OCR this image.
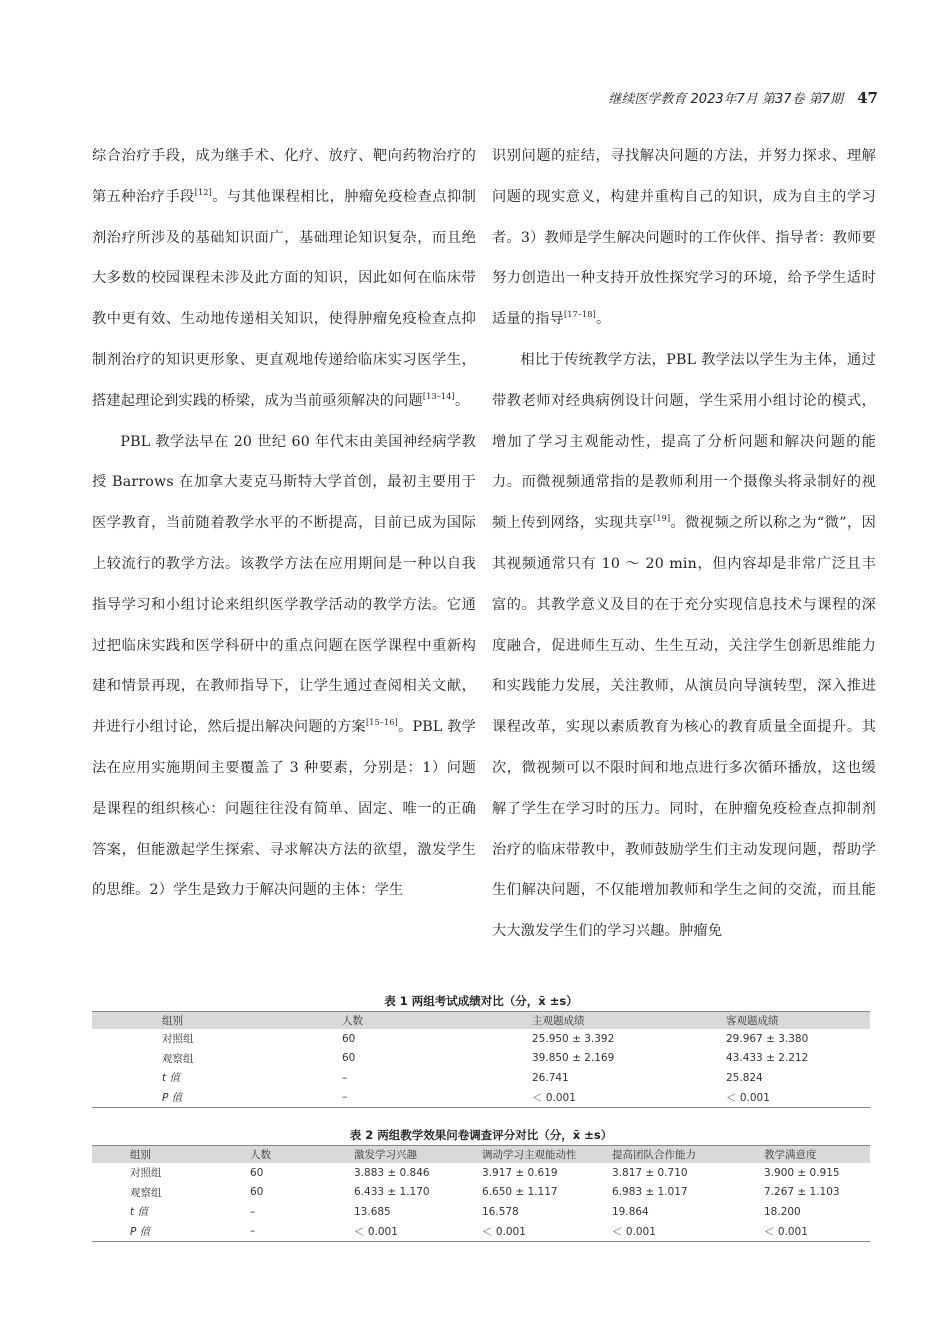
继续医学教育 2023年7月 第37卷 第7期 47

综合治疗手段，成为继手术、化疗、放疗、靶向药物治疗的第五种治疗手段[12]。与其他课程相比，肿瘤免疫检查点抑制剂治疗所涉及的基础知识面广，基础理论知识复杂，而且绝大多数的校园课程未涉及此方面的知识，因此如何在临床带教中更有效、生动地传递相关知识，使得肿瘤免疫检查点抑制剂治疗的知识更形象、更直观地传递给临床实习医学生，搭建起理论到实践的桥梁，成为当前亟须解决的问题[13–14]。

PBL 教学法早在 20 世纪 60 年代末由美国神经病学教授 Barrows 在加拿大麦克马斯特大学首创，最初主要用于医学教育，当前随着教学水平的不断提高，目前已成为国际上较流行的教学方法。该教学方法在应用期间是一种以自我指导学习和小组讨论来组织医学教学活动的教学方法。它通过把临床实践和医学科研中的重点问题在医学课程中重新构建和情景再现，在教师指导下，让学生通过查阅相关文献，并进行小组讨论，然后提出解决问题的方案[15–16]。PBL 教学法在应用实施期间主要覆盖了 3 种要素，分别是：1）问题是课程的组织核心：问题往往没有简单、固定、唯一的正确答案，但能激起学生探索、寻求解决方法的欲望，激发学生的思维。2）学生是致力于解决问题的主体：学生

识别问题的症结，寻找解决问题的方法，并努力探求、理解问题的现实意义，构建并重构自己的知识，成为自主的学习者。3）教师是学生解决问题时的工作伙伴、指导者：教师要努力创造出一种支持开放性探究学习的环境，给予学生适时适量的指导[17–18]。

相比于传统教学方法，PBL 教学法以学生为主体，通过带教老师对经典病例设计问题，学生采用小组讨论的模式，增加了学习主观能动性，提高了分析问题和解决问题的能力。而微视频通常指的是教师利用一个摄像头将录制好的视频上传到网络，实现共享[19]。微视频之所以称之为“微”，因其视频通常只有 10 ～ 20 min，但内容却是非常广泛且丰富的。其教学意义及目的在于充分实现信息技术与课程的深度融合，促进师生互动、生生互动，关注学生创新思维能力和实践能力发展，关注教师，从演员向导演转型，深入推进课程改革，实现以素质教育为核心的教育质量全面提升。其次，微视频可以不限时间和地点进行多次循环播放，这也缓解了学生在学习时的压力。同时，在肿瘤免疫检查点抑制剂治疗的临床带教中，教师鼓励学生们主动发现问题，帮助学生们解决问题，不仅能增加教师和学生之间的交流，而且能大大激发学生们的学习兴趣。肿瘤免

表 1 两组考试成绩对比（分，x̄ ±s）
组别	人数	主观题成绩	客观题成绩
对照组	60	25.950 ± 3.392	29.967 ± 3.380
观察组	60	39.850 ± 2.169	43.433 ± 2.212
t 值	–	26.741	25.824
P 值	–	＜ 0.001	＜ 0.001
表 2 两组教学效果问卷调查评分对比（分，x̄ ±s）
组别	人数	激发学习兴趣	调动学习主观能动性	提高团队合作能力	教学满意度
对照组	60	3.883 ± 0.846	3.917 ± 0.619	3.817 ± 0.710	3.900 ± 0.915
观察组	60	6.433 ± 1.170	6.650 ± 1.117	6.983 ± 1.017	7.267 ± 1.103
t 值	–	13.685	16.578	19.864	18.200
P 值	–	＜ 0.001	＜ 0.001	＜ 0.001	＜ 0.001
